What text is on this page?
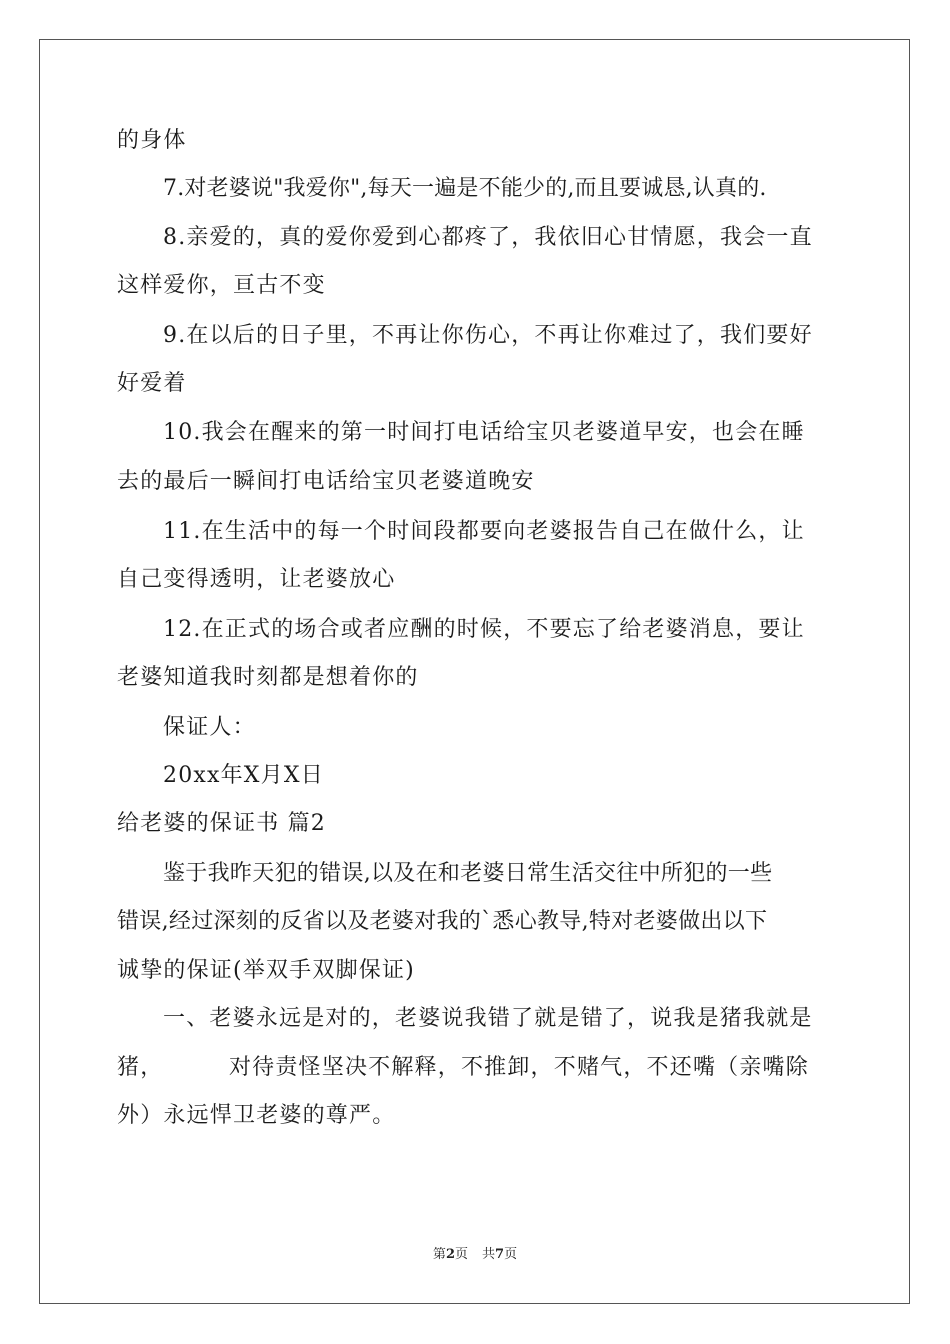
的身体
7.对老婆说"我爱你",每天一遍是不能少的,而且要诚恳,认真的.
8.亲爱的，真的爱你爱到心都疼了，我依旧心甘情愿，我会一直
这样爱你，亘古不变
9.在以后的日子里，不再让你伤心，不再让你难过了，我们要好
好爱着
10.我会在醒来的第一时间打电话给宝贝老婆道早安，也会在睡
去的最后一瞬间打电话给宝贝老婆道晚安
11.在生活中的每一个时间段都要向老婆报告自己在做什么，让
自己变得透明，让老婆放心
12.在正式的场合或者应酬的时候，不要忘了给老婆消息，要让
老婆知道我时刻都是想着你的
保证人：
20xx年X月X日
给老婆的保证书 篇2
鉴于我昨天犯的错误,以及在和老婆日常生活交往中所犯的一些
错误,经过深刻的反省以及老婆对我的`悉心教导,特对老婆做出以下
诚挚的保证(举双手双脚保证)
一、老婆永远是对的，老婆说我错了就是错了，说我是猪我就是
猪，        对待责怪坚决不解释，不推卸，不赌气，不还嘴（亲嘴除
外）永远悍卫老婆的尊严。
第2页 共7页
